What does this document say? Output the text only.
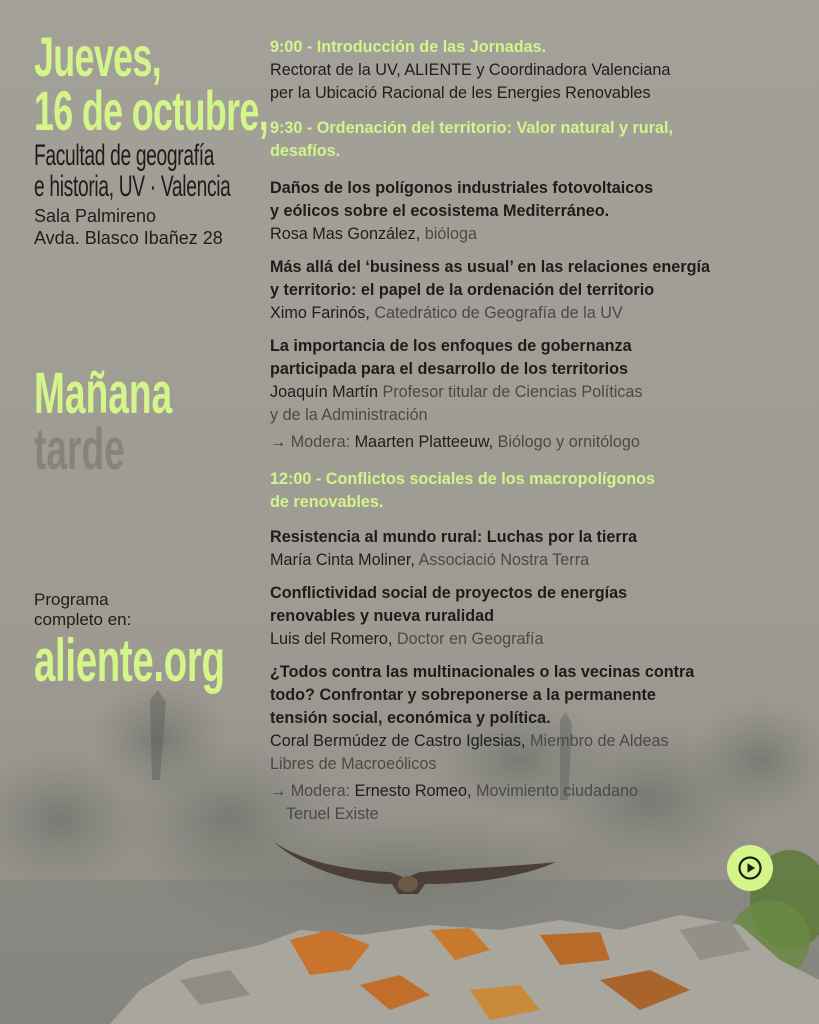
Jueves,
16 de octubre,
Facultad de geografía
e historia, UV · Valencia
Sala Palmireno
Avda. Blasco Ibañez 28
Mañana
tarde
Programa
completo en:
aliente.org
9:00 - Introducción de las Jornadas.
Rectorat de la UV, ALIENTE y Coordinadora Valenciana
per la Ubicació Racional de les Energies Renovables
9:30 - Ordenación del territorio: Valor natural y rural,
desafíos.
Daños de los polígonos industriales fotovoltaicos
y eólicos sobre el ecosistema Mediterráneo.
Rosa Mas González, bióloga
Más allá del ‘business as usual’ en las relaciones energía
y territorio: el papel de la ordenación del territorio
Ximo Farinós, Catedrático de Geografía de la UV
La importancia de los enfoques de gobernanza
participada para el desarrollo de los territorios
Joaquín Martín Profesor titular de Ciencias Políticas
y de la Administración
→ Modera: Maarten Platteeuw, Biólogo y ornitólogo
12:00 - Conflictos sociales de los macropolígonos
de renovables.
Resistencia al mundo rural: Luchas por la tierra
María Cinta Moliner, Associació Nostra Terra
Conflictividad social de proyectos de energías
renovables y nueva ruralidad
Luis del Romero, Doctor en Geografía
¿Todos contra las multinacionales o las vecinas contra
todo? Confrontar y sobreponerse a la permanente
tensión social, económica y política.
Coral Bermúdez de Castro Iglesias, Miembro de Aldeas
Libres de Macroeólicos
→ Modera: Ernesto Romeo, Movimiento ciudadano
Teruel Existe
